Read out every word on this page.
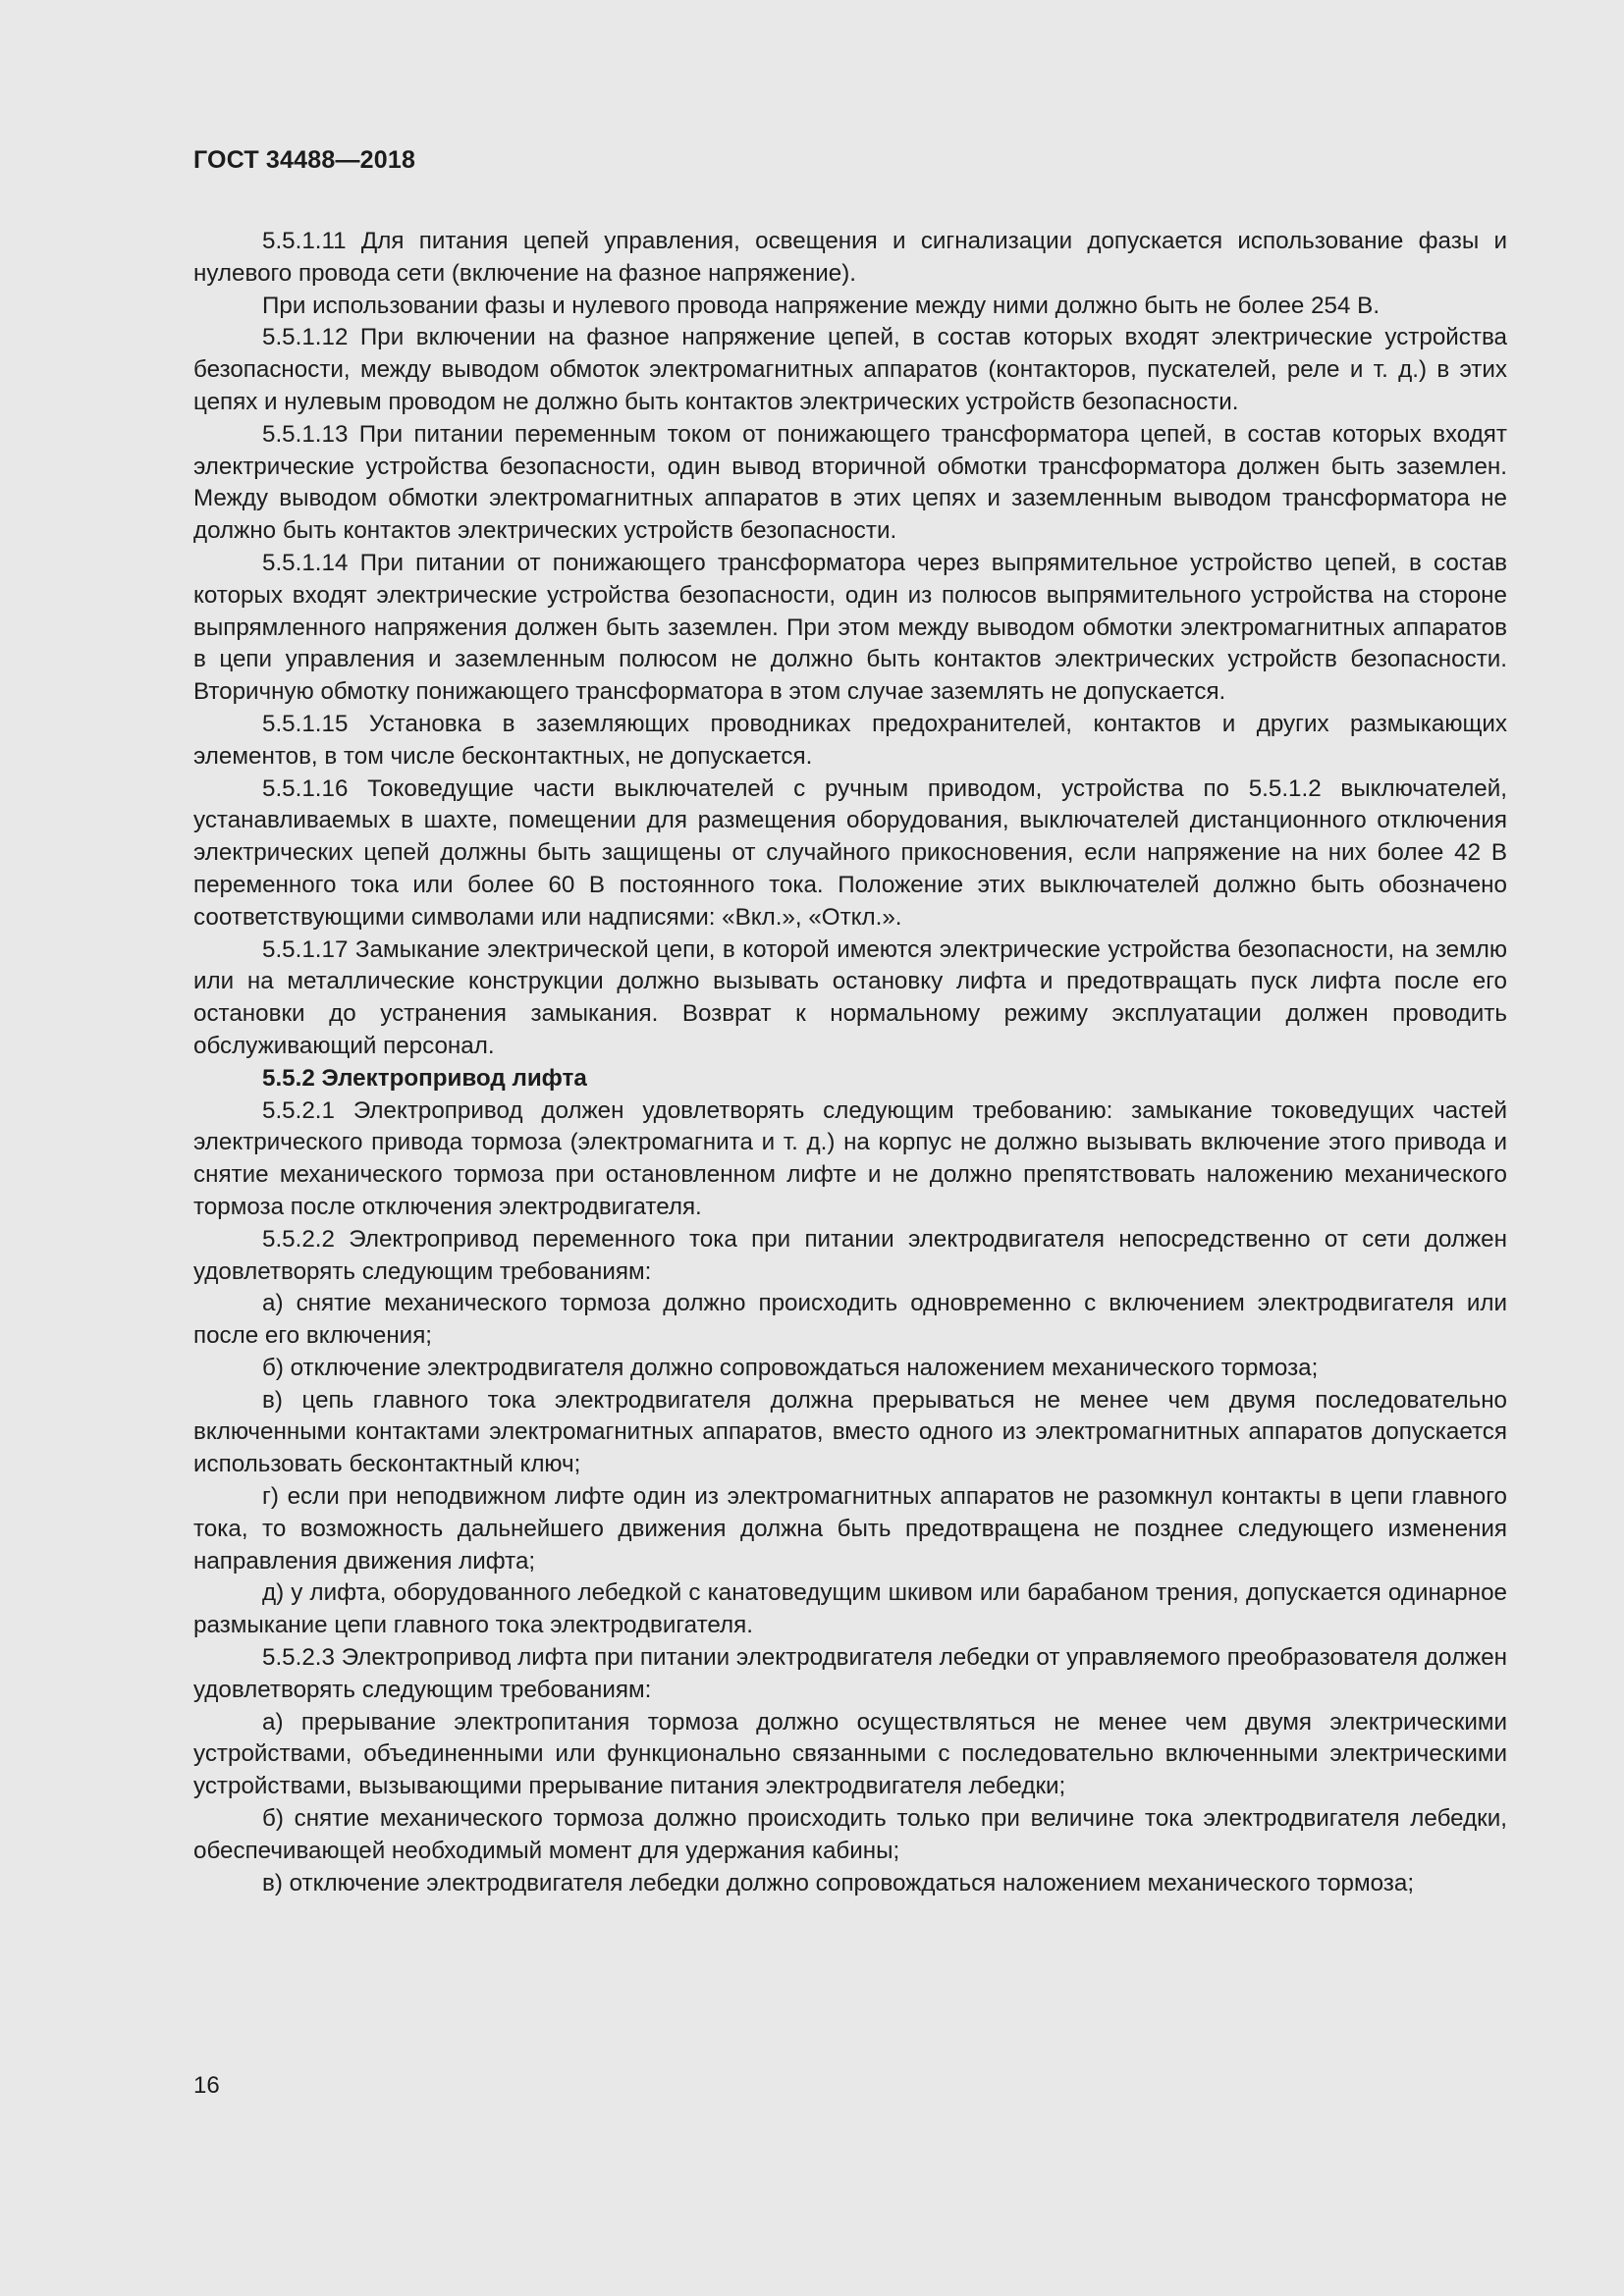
ГОСТ 34488—2018

5.5.1.11 Для питания цепей управления, освещения и сигнализации допускается использование фазы и нулевого провода сети (включение на фазное напряжение).

При использовании фазы и нулевого провода напряжение между ними должно быть не более 254 В.

5.5.1.12 При включении на фазное напряжение цепей, в состав которых входят электрические устройства безопасности, между выводом обмоток электромагнитных аппаратов (контакторов, пускателей, реле и т. д.) в этих цепях и нулевым проводом не должно быть контактов электрических устройств безопасности.

5.5.1.13 При питании переменным током от понижающего трансформатора цепей, в состав которых входят электрические устройства безопасности, один вывод вторичной обмотки трансформатора должен быть заземлен. Между выводом обмотки электромагнитных аппаратов в этих цепях и заземленным выводом трансформатора не должно быть контактов электрических устройств безопасности.

5.5.1.14 При питании от понижающего трансформатора через выпрямительное устройство цепей, в состав которых входят электрические устройства безопасности, один из полюсов выпрямительного устройства на стороне выпрямленного напряжения должен быть заземлен. При этом между выводом обмотки электромагнитных аппаратов в цепи управления и заземленным полюсом не должно быть контактов электрических устройств безопасности. Вторичную обмотку понижающего трансформатора в этом случае заземлять не допускается.

5.5.1.15 Установка в заземляющих проводниках предохранителей, контактов и других размыкающих элементов, в том числе бесконтактных, не допускается.

5.5.1.16 Токоведущие части выключателей с ручным приводом, устройства по 5.5.1.2 выключателей, устанавливаемых в шахте, помещении для размещения оборудования, выключателей дистанционного отключения электрических цепей должны быть защищены от случайного прикосновения, если напряжение на них более 42 В переменного тока или более 60 В постоянного тока. Положение этих выключателей должно быть обозначено соответствующими символами или надписями: «Вкл.», «Откл.».

5.5.1.17 Замыкание электрической цепи, в которой имеются электрические устройства безопасности, на землю или на металлические конструкции должно вызывать остановку лифта и предотвращать пуск лифта после его остановки до устранения замыкания. Возврат к нормальному режиму эксплуатации должен проводить обслуживающий персонал.

5.5.2 Электропривод лифта

5.5.2.1 Электропривод должен удовлетворять следующим требованию: замыкание токоведущих частей электрического привода тормоза (электромагнита и т. д.) на корпус не должно вызывать включение этого привода и снятие механического тормоза при остановленном лифте и не должно препятствовать наложению механического тормоза после отключения электродвигателя.

5.5.2.2 Электропривод переменного тока при питании электродвигателя непосредственно от сети должен удовлетворять следующим требованиям:

а) снятие механического тормоза должно происходить одновременно с включением электродвигателя или после его включения;

б) отключение электродвигателя должно сопровождаться наложением механического тормоза;

в) цепь главного тока электродвигателя должна прерываться не менее чем двумя последовательно включенными контактами электромагнитных аппаратов, вместо одного из электромагнитных аппаратов допускается использовать бесконтактный ключ;

г) если при неподвижном лифте один из электромагнитных аппаратов не разомкнул контакты в цепи главного тока, то возможность дальнейшего движения должна быть предотвращена не позднее следующего изменения направления движения лифта;

д) у лифта, оборудованного лебедкой с канатоведущим шкивом или барабаном трения, допускается одинарное размыкание цепи главного тока электродвигателя.

5.5.2.3 Электропривод лифта при питании электродвигателя лебедки от управляемого преобразователя должен удовлетворять следующим требованиям:

а) прерывание электропитания тормоза должно осуществляться не менее чем двумя электрическими устройствами, объединенными или функционально связанными с последовательно включенными электрическими устройствами, вызывающими прерывание питания электродвигателя лебедки;

б) снятие механического тормоза должно происходить только при величине тока электродвигателя лебедки, обеспечивающей необходимый момент для удержания кабины;

в) отключение электродвигателя лебедки должно сопровождаться наложением механического тормоза;

16
